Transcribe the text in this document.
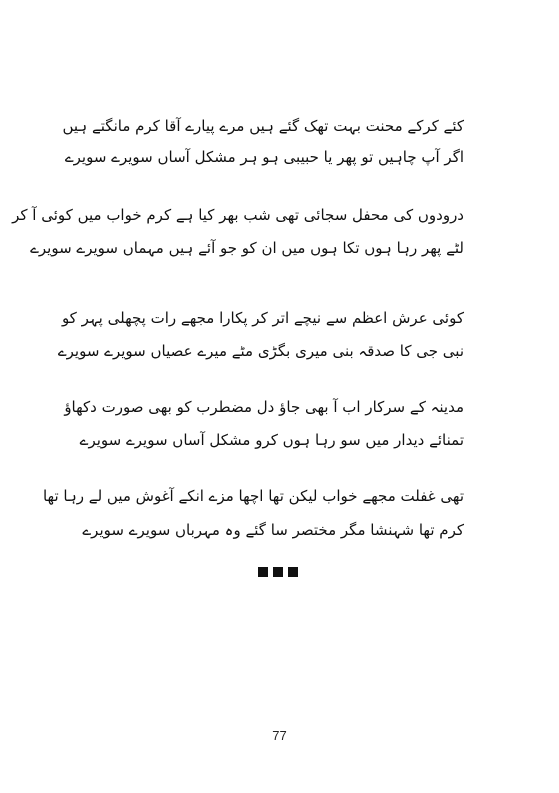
کئے کرکے محنت بہت تھک گئے ہیں مرے پیارے آقا کرم مانگتے ہیں
اگر آپ چاہیں تو پھر یا حبیبی ہو ہر مشکل آساں سویرے سویرے
درودوں کی محفل سجائی تھی شب بھر کیا ہے کرم خواب میں کوئی آ کر
لٹے پھر رہا ہوں تکا ہوں میں ان کو جو آئے ہیں مہماں سویرے سویرے
کوئی عرش اعظم سے نیچے اتر کر پکارا مجھے رات پچھلی پہر کو
نبی جی کا صدقہ بنی میری بگڑی مٹے میرے عصیاں سویرے سویرے
مدینہ کے سرکار اب آ بھی جاؤ دل مضطرب کو بھی صورت دکھاؤ
تمنائے دیدار میں سو رہا ہوں کرو مشکل آساں سویرے سویرے
تھی غفلت مجھے خواب لیکن تھا اچھا مزے انکے آغوش میں لے رہا تھا
کرم تھا شہنشا مگر مختصر سا گئے وہ مہرباں سویرے سویرے
77
